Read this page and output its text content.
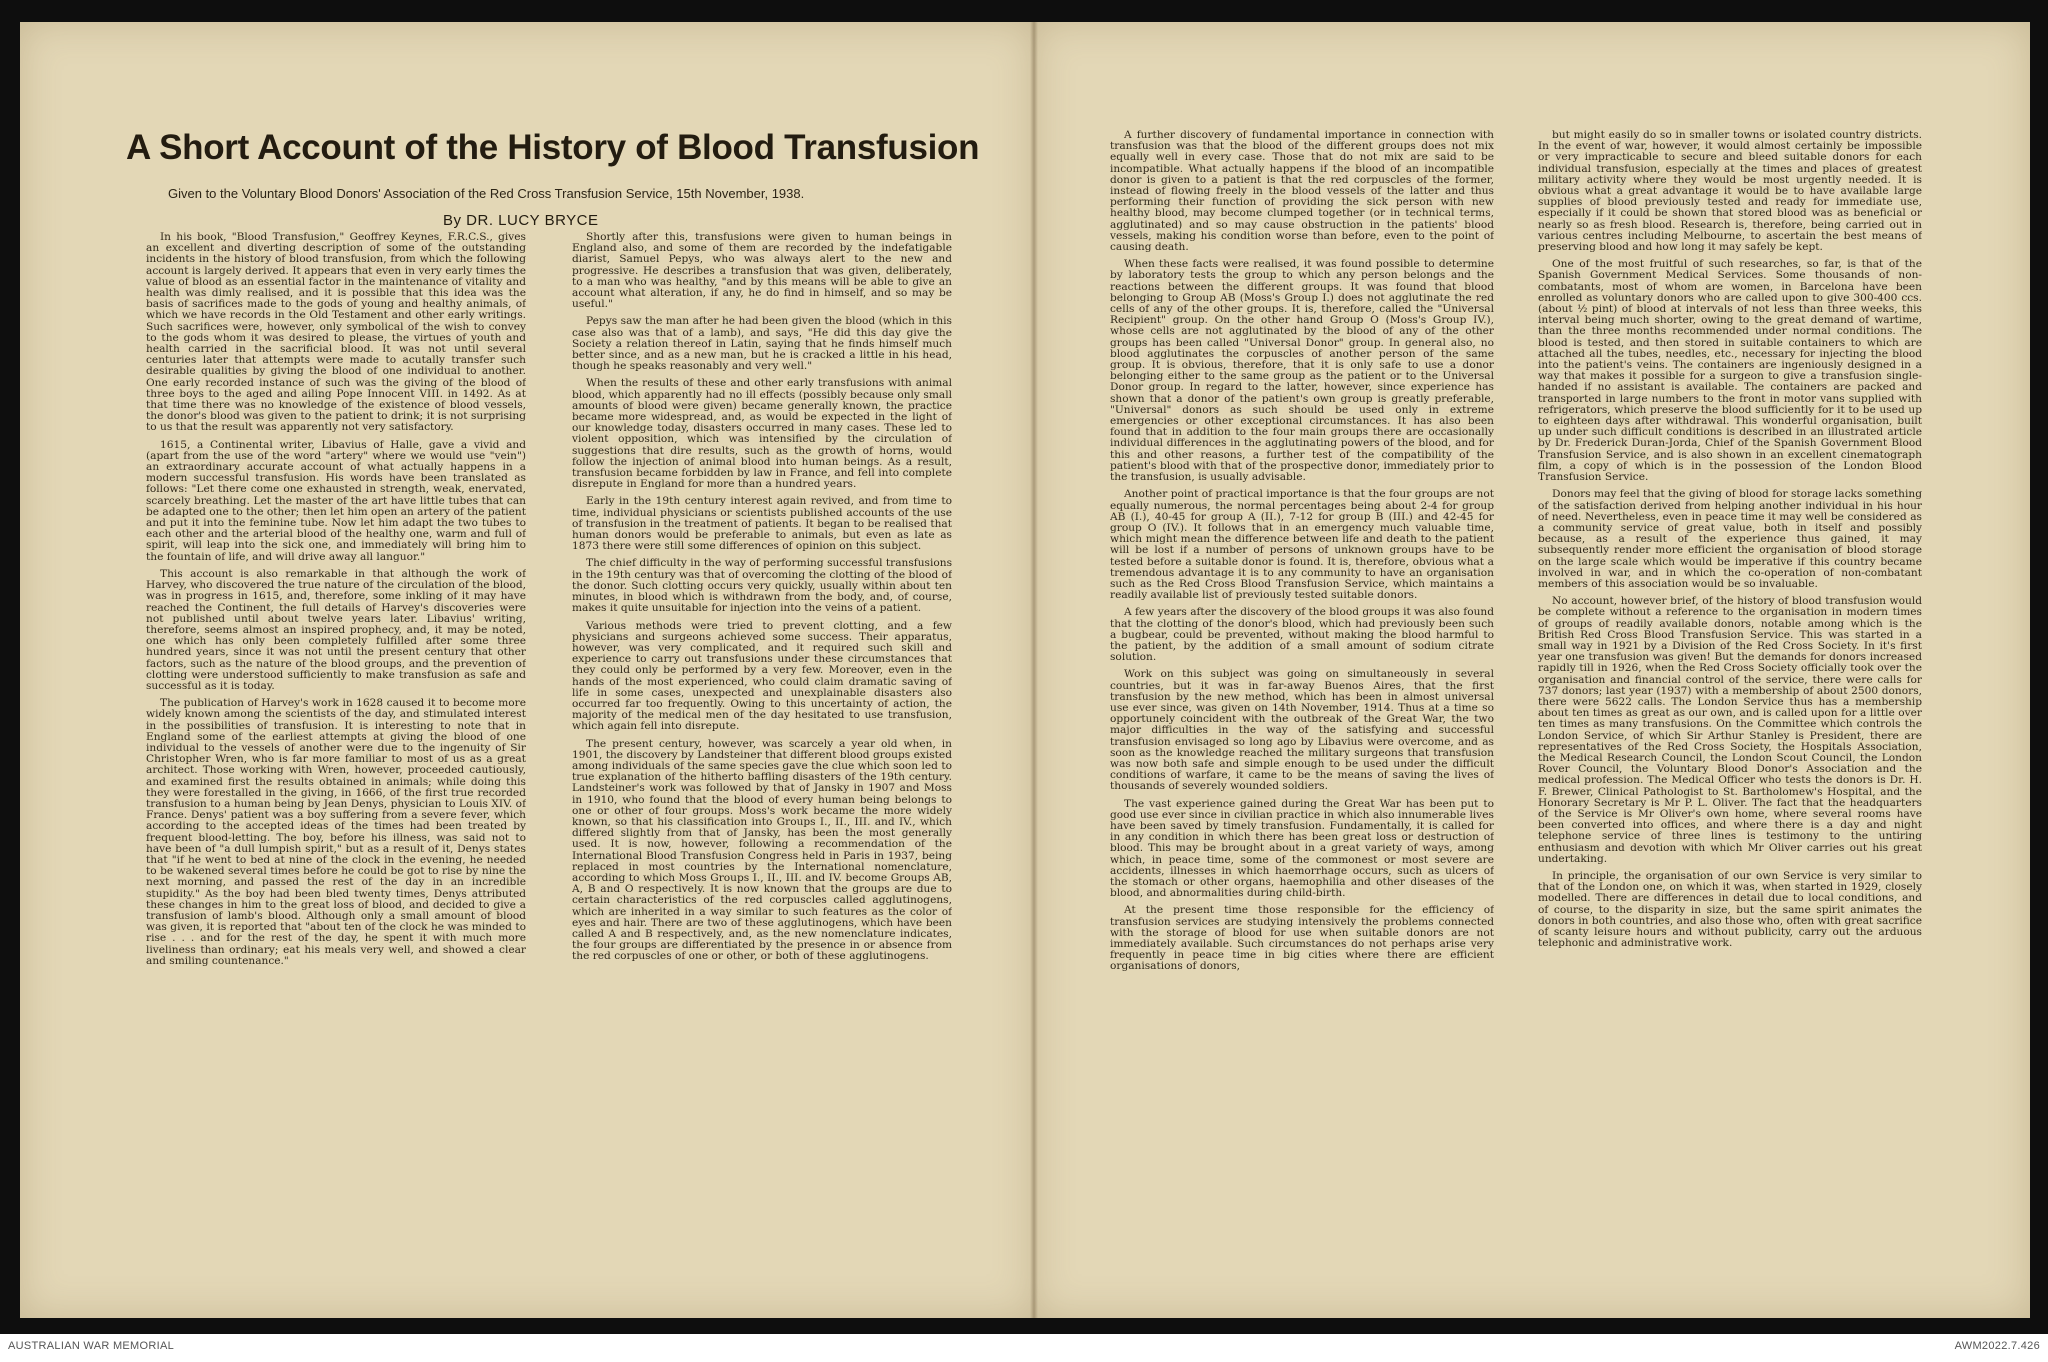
A Short Account of the History of Blood Transfusion

Given to the Voluntary Blood Donors' Association of the Red Cross Transfusion Service, 15th November, 1938.

By DR. LUCY BRYCE

In his book, "Blood Transfusion," Geoffrey Keynes, F.R.C.S., gives an excellent and diverting description of some of the outstanding incidents in the history of blood transfusion, from which the following account is largely derived. It appears that even in very early times the value of blood as an essential factor in the maintenance of vitality and health was dimly realised, and it is possible that this idea was the basis of sacrifices made to the gods of young and healthy animals, of which we have records in the Old Testament and other early writings. Such sacrifices were, however, only symbolical of the wish to convey to the gods whom it was desired to please, the virtues of youth and health carried in the sacrificial blood. It was not until several centuries later that attempts were made to acutally transfer such desirable qualities by giving the blood of one individual to another. One early recorded instance of such was the giving of the blood of three boys to the aged and ailing Pope Innocent VIII. in 1492. As at that time there was no knowledge of the existence of blood vessels, the donor's blood was given to the patient to drink; it is not surprising to us that the result was apparently not very satisfactory.

1615, a Continental writer, Libavius of Halle, gave a vivid and (apart from the use of the word "artery" where we would use "vein") an extraordinary accurate account of what actually happens in a modern successful transfusion. His words have been translated as follows: "Let there come one exhausted in strength, weak, enervated, scarcely breathing. Let the master of the art have little tubes that can be adapted one to the other; then let him open an artery of the patient and put it into the feminine tube. Now let him adapt the two tubes to each other and the arterial blood of the healthy one, warm and full of spirit, will leap into the sick one, and immediately will bring him to the fountain of life, and will drive away all languor."

This account is also remarkable in that although the work of Harvey, who discovered the true nature of the circulation of the blood, was in progress in 1615, and, therefore, some inkling of it may have reached the Continent, the full details of Harvey's discoveries were not published until about twelve years later. Libavius' writing, therefore, seems almost an inspired prophecy, and, it may be noted, one which has only been completely fulfilled after some three hundred years, since it was not until the present century that other factors, such as the nature of the blood groups, and the prevention of clotting were understood sufficiently to make transfusion as safe and successful as it is today.

The publication of Harvey's work in 1628 caused it to become more widely known among the scientists of the day, and stimulated interest in the possibilities of transfusion. It is interesting to note that in England some of the earliest attempts at giving the blood of one individual to the vessels of another were due to the ingenuity of Sir Christopher Wren, who is far more familiar to most of us as a great architect. Those working with Wren, however, proceeded cautiously, and examined first the results obtained in animals; while doing this they were forestalled in the giving, in 1666, of the first true recorded transfusion to a human being by Jean Denys, physician to Louis XIV. of France. Denys' patient was a boy suffering from a severe fever, which according to the accepted ideas of the times had been treated by frequent blood-letting. The boy, before his illness, was said not to have been of "a dull lumpish spirit," but as a result of it, Denys states that "if he went to bed at nine of the clock in the evening, he needed to be wakened several times before he could be got to rise by nine the next morning, and passed the rest of the day in an incredible stupidity." As the boy had been bled twenty times, Denys attributed these changes in him to the great loss of blood, and decided to give a transfusion of lamb's blood. Although only a small amount of blood was given, it is reported that "about ten of the clock he was minded to rise . . . and for the rest of the day, he spent it with much more liveliness than ordinary; eat his meals very well, and showed a clear and smiling countenance."

Shortly after this, transfusions were given to human beings in England also, and some of them are recorded by the indefatigable diarist, Samuel Pepys, who was always alert to the new and progressive. He describes a transfusion that was given, deliberately, to a man who was healthy, "and by this means will be able to give an account what alteration, if any, he do find in himself, and so may be useful."

Pepys saw the man after he had been given the blood (which in this case also was that of a lamb), and says, "He did this day give the Society a relation thereof in Latin, saying that he finds himself much better since, and as a new man, but he is cracked a little in his head, though he speaks reasonably and very well."

When the results of these and other early transfusions with animal blood, which apparently had no ill effects (possibly because only small amounts of blood were given) became generally known, the practice became more widespread, and, as would be expected in the light of our knowledge today, disasters occurred in many cases. These led to violent opposition, which was intensified by the circulation of suggestions that dire results, such as the growth of horns, would follow the injection of animal blood into human beings. As a result, transfusion became forbidden by law in France, and fell into complete disrepute in England for more than a hundred years.

Early in the 19th century interest again revived, and from time to time, individual physicians or scientists published accounts of the use of transfusion in the treatment of patients. It began to be realised that human donors would be preferable to animals, but even as late as 1873 there were still some differences of opinion on this subject.

The chief difficulty in the way of performing successful transfusions in the 19th century was that of overcoming the clotting of the blood of the donor. Such clotting occurs very quickly, usually within about ten minutes, in blood which is withdrawn from the body, and, of course, makes it quite unsuitable for injection into the veins of a patient.

Various methods were tried to prevent clotting, and a few physicians and surgeons achieved some success. Their apparatus, however, was very complicated, and it required such skill and experience to carry out transfusions under these circumstances that they could only be performed by a very few. Moreover, even in the hands of the most experienced, who could claim dramatic saving of life in some cases, unexpected and unexplainable disasters also occurred far too frequently. Owing to this uncertainty of action, the majority of the medical men of the day hesitated to use transfusion, which again fell into disrepute.

The present century, however, was scarcely a year old when, in 1901, the discovery by Landsteiner that different blood groups existed among individuals of the same species gave the clue which soon led to true explanation of the hitherto baffling disasters of the 19th century. Landsteiner's work was followed by that of Jansky in 1907 and Moss in 1910, who found that the blood of every human being belongs to one or other of four groups. Moss's work became the more widely known, so that his classification into Groups I., II., III. and IV., which differed slightly from that of Jansky, has been the most generally used. It is now, however, following a recommendation of the International Blood Transfusion Congress held in Paris in 1937, being replaced in most countries by the International nomenclature, according to which Moss Groups I., II., III. and IV. become Groups AB, A, B and O respectively. It is now known that the groups are due to certain characteristics of the red corpuscles called agglutinogens, which are inherited in a way similar to such features as the color of eyes and hair. There are two of these agglutinogens, which have been called A and B respectively, and, as the new nomenclature indicates, the four groups are differentiated by the presence in or absence from the red corpuscles of one or other, or both of these agglutinogens.

A further discovery of fundamental importance in connection with transfusion was that the blood of the different groups does not mix equally well in every case. Those that do not mix are said to be incompatible. What actually happens if the blood of an incompatible donor is given to a patient is that the red corpuscles of the former, instead of flowing freely in the blood vessels of the latter and thus performing their function of providing the sick person with new healthy blood, may become clumped together (or in technical terms, agglutinated) and so may cause obstruction in the patients' blood vessels, making his condition worse than before, even to the point of causing death.

When these facts were realised, it was found possible to determine by laboratory tests the group to which any person belongs and the reactions between the different groups. It was found that blood belonging to Group AB (Moss's Group I.) does not agglutinate the red cells of any of the other groups. It is, therefore, called the "Universal Recipient" group. On the other hand Group O (Moss's Group IV.), whose cells are not agglutinated by the blood of any of the other groups has been called "Universal Donor" group. In general also, no blood agglutinates the corpuscles of another person of the same group. It is obvious, therefore, that it is only safe to use a donor belonging either to the same group as the patient or to the Universal Donor group. In regard to the latter, however, since experience has shown that a donor of the patient's own group is greatly preferable, "Universal" donors as such should be used only in extreme emergencies or other exceptional circumstances. It has also been found that in addition to the four main groups there are occasionally individual differences in the agglutinating powers of the blood, and for this and other reasons, a further test of the compatibility of the patient's blood with that of the prospective donor, immediately prior to the transfusion, is usually advisable.

Another point of practical importance is that the four groups are not equally numerous, the normal percentages being about 2-4 for group AB (I.), 40-45 for group A (II.), 7-12 for group B (III.) and 42-45 for group O (IV.). It follows that in an emergency much valuable time, which might mean the difference between life and death to the patient will be lost if a number of persons of unknown groups have to be tested before a suitable donor is found. It is, therefore, obvious what a tremendous advantage it is to any community to have an organisation such as the Red Cross Blood Transfusion Service, which maintains a readily available list of previously tested suitable donors.

A few years after the discovery of the blood groups it was also found that the clotting of the donor's blood, which had previously been such a bugbear, could be prevented, without making the blood harmful to the patient, by the addition of a small amount of sodium citrate solution.

Work on this subject was going on simultaneously in several countries, but it was in far-away Buenos Aires, that the first transfusion by the new method, which has been in almost universal use ever since, was given on 14th November, 1914. Thus at a time so opportunely coincident with the outbreak of the Great War, the two major difficulties in the way of the satisfying and successful transfusion envisaged so long ago by Libavius were overcome, and as soon as the knowledge reached the military surgeons that transfusion was now both safe and simple enough to be used under the difficult conditions of warfare, it came to be the means of saving the lives of thousands of severely wounded soldiers.

The vast experience gained during the Great War has been put to good use ever since in civilian practice in which also innumerable lives have been saved by timely transfusion. Fundamentally, it is called for in any condition in which there has been great loss or destruction of blood. This may be brought about in a great variety of ways, among which, in peace time, some of the commonest or most severe are accidents, illnesses in which haemorrhage occurs, such as ulcers of the stomach or other organs, haemophilia and other diseases of the blood, and abnormalities during child-birth.

At the present time those responsible for the efficiency of transfusion services are studying intensively the problems connected with the storage of blood for use when suitable donors are not immediately available. Such circumstances do not perhaps arise very frequently in peace time in big cities where there are efficient organisations of donors,

but might easily do so in smaller towns or isolated country districts. In the event of war, however, it would almost certainly be impossible or very impracticable to secure and bleed suitable donors for each individual transfusion, especially at the times and places of greatest military activity where they would be most urgently needed. It is obvious what a great advantage it would be to have available large supplies of blood previously tested and ready for immediate use, especially if it could be shown that stored blood was as beneficial or nearly so as fresh blood. Research is, therefore, being carried out in various centres including Melbourne, to ascertain the best means of preserving blood and how long it may safely be kept.

One of the most fruitful of such researches, so far, is that of the Spanish Government Medical Services. Some thousands of non-combatants, most of whom are women, in Barcelona have been enrolled as voluntary donors who are called upon to give 300-400 ccs. (about ½ pint) of blood at intervals of not less than three weeks, this interval being much shorter, owing to the great demand of wartime, than the three months recommended under normal conditions. The blood is tested, and then stored in suitable containers to which are attached all the tubes, needles, etc., necessary for injecting the blood into the patient's veins. The containers are ingeniously designed in a way that makes it possible for a surgeon to give a transfusion single-handed if no assistant is available. The containers are packed and transported in large numbers to the front in motor vans supplied with refrigerators, which preserve the blood sufficiently for it to be used up to eighteen days after withdrawal. This wonderful organisation, built up under such difficult conditions is described in an illustrated article by Dr. Frederick Duran-Jorda, Chief of the Spanish Government Blood Transfusion Service, and is also shown in an excellent cinematograph film, a copy of which is in the possession of the London Blood Transfusion Service.

Donors may feel that the giving of blood for storage lacks something of the satisfaction derived from helping another individual in his hour of need. Nevertheless, even in peace time it may well be considered as a community service of great value, both in itself and possibly because, as a result of the experience thus gained, it may subsequently render more efficient the organisation of blood storage on the large scale which would be imperative if this country became involved in war, and in which the co-operation of non-combatant members of this association would be so invaluable.

No account, however brief, of the history of blood transfusion would be complete without a reference to the organisation in modern times of groups of readily available donors, notable among which is the British Red Cross Blood Transfusion Service. This was started in a small way in 1921 by a Division of the Red Cross Society. In it's first year one transfusion was given! But the demands for donors increased rapidly till in 1926, when the Red Cross Society officially took over the organisation and financial control of the service, there were calls for 737 donors; last year (1937) with a membership of about 2500 donors, there were 5622 calls. The London Service thus has a membership about ten times as great as our own, and is called upon for a little over ten times as many transfusions. On the Committee which controls the London Service, of which Sir Arthur Stanley is President, there are representatives of the Red Cross Society, the Hospitals Association, the Medical Research Council, the London Scout Council, the London Rover Council, the Voluntary Blood Donor's Association and the medical profession. The Medical Officer who tests the donors is Dr. H. F. Brewer, Clinical Pathologist to St. Bartholomew's Hospital, and the Honorary Secretary is Mr P. L. Oliver. The fact that the headquarters of the Service is Mr Oliver's own home, where several rooms have been converted into offices, and where there is a day and night telephone service of three lines is testimony to the untiring enthusiasm and devotion with which Mr Oliver carries out his great undertaking.

In principle, the organisation of our own Service is very similar to that of the London one, on which it was, when started in 1929, closely modelled. There are differences in detail due to local conditions, and of course, to the disparity in size, but the same spirit animates the donors in both countries, and also those who, often with great sacrifice of scanty leisure hours and without publicity, carry out the arduous telephonic and administrative work.

AUSTRALIAN WAR MEMORIAL	AWM2022.7.426
